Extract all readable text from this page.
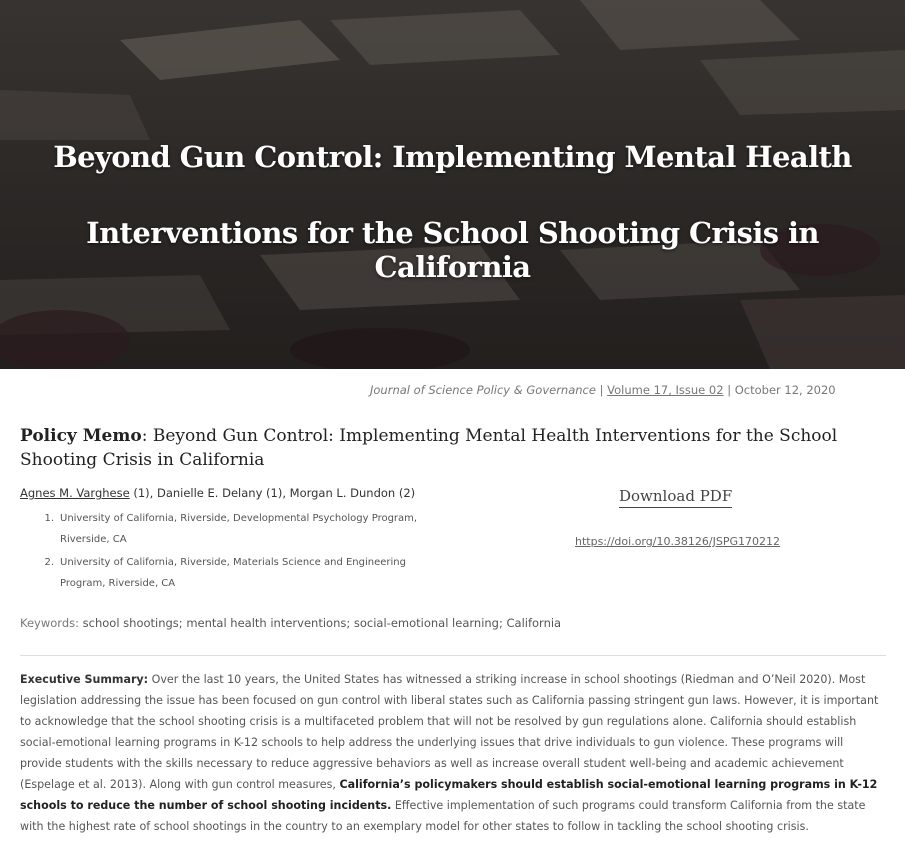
Beyond Gun Control: Implementing Mental Health
Interventions for the School Shooting Crisis in California
Journal of Science Policy & Governance | Volume 17, Issue 02 | October 12, 2020
Policy Memo: Beyond Gun Control: Implementing Mental Health Interventions for the School Shooting Crisis in California
Agnes M. Varghese (1), Danielle E. Delany (1), Morgan L. Dundon (2)
1. University of California, Riverside, Developmental Psychology Program, Riverside, CA
2. University of California, Riverside, Materials Science and Engineering Program, Riverside, CA
Download PDF
https://doi.org/10.38126/JSPG170212
Keywords: school shootings; mental health interventions; social-emotional learning; California
Executive Summary: Over the last 10 years, the United States has witnessed a striking increase in school shootings (Riedman and O’Neil 2020). Most legislation addressing the issue has been focused on gun control with liberal states such as California passing stringent gun laws. However, it is important to acknowledge that the school shooting crisis is a multifaceted problem that will not be resolved by gun regulations alone. California should establish social-emotional learning programs in K-12 schools to help address the underlying issues that drive individuals to gun violence. These programs will provide students with the skills necessary to reduce aggressive behaviors as well as increase overall student well-being and academic achievement (Espelage et al. 2013). Along with gun control measures, California’s policymakers should establish social-emotional learning programs in K-12 schools to reduce the number of school shooting incidents. Effective implementation of such programs could transform California from the state with the highest rate of school shootings in the country to an exemplary model for other states to follow in tackling the school shooting crisis.
